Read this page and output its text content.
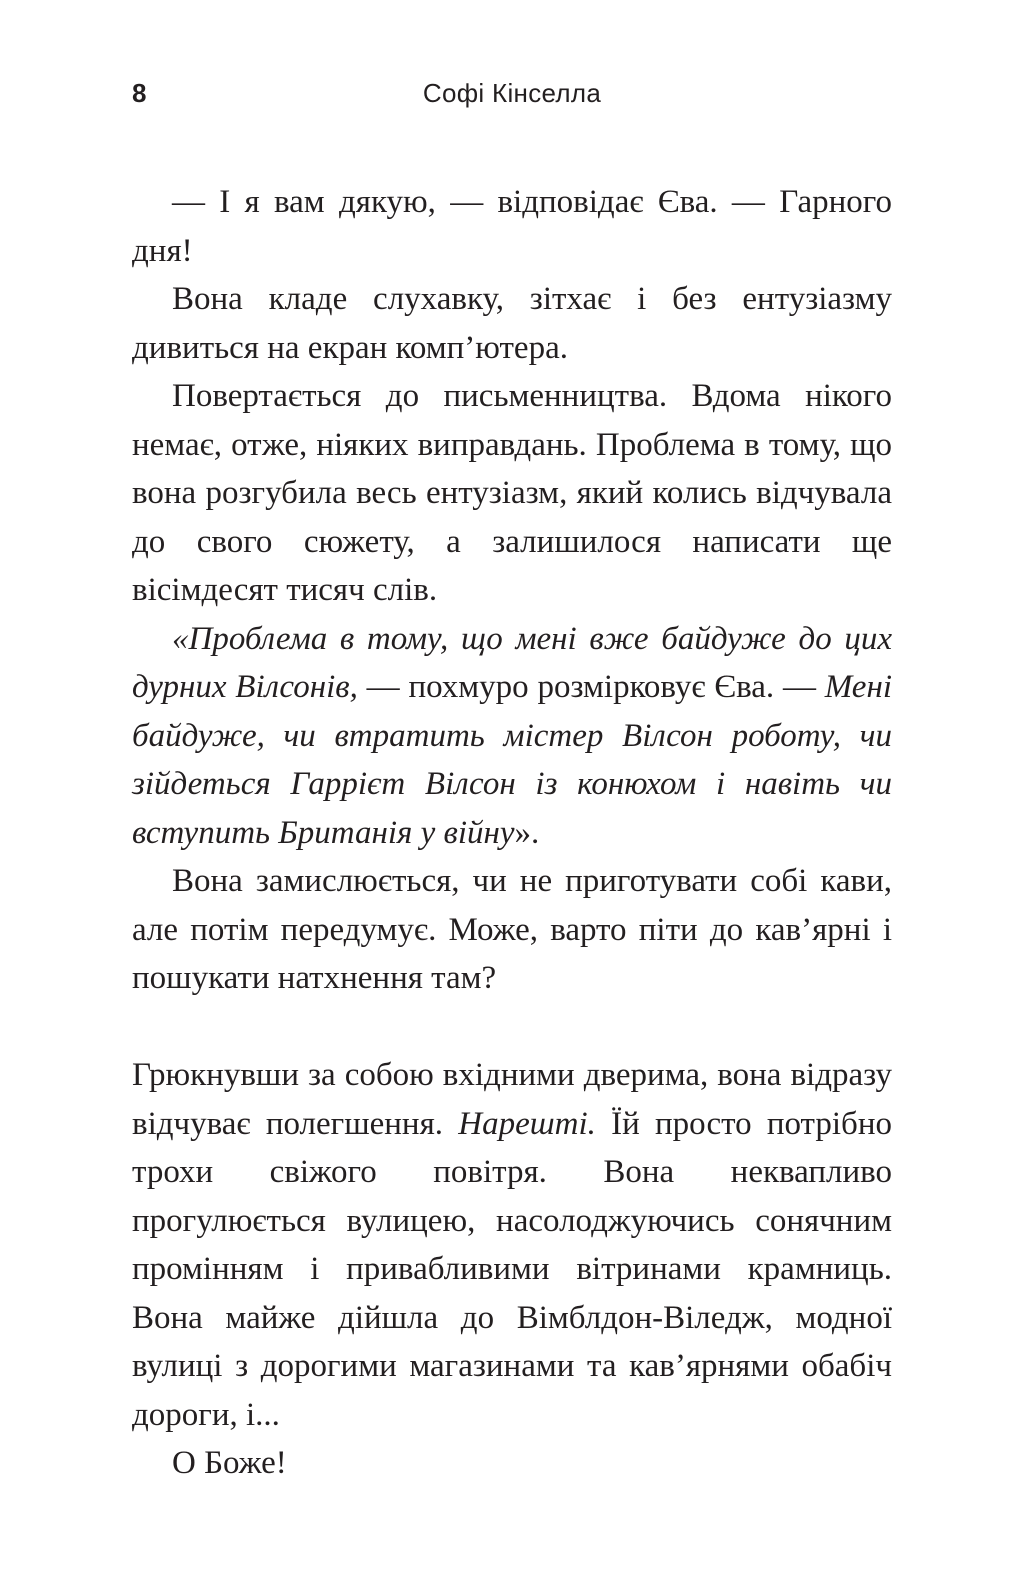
8	Софі Кінселла

— І я вам дякую, — відповідає Єва. — Гарного дня!

Вона кладе слухавку, зітхає і без ентузіазму дивиться на екран комп’ютера.

Повертається до письменництва. Вдома нікого немає, отже, ніяких виправдань. Проблема в тому, що вона розгубила весь ентузіазм, який колись відчувала до свого сюжету, а залишилося написати ще вісімдесят тисяч слів.

«Проблема в тому, що мені вже байдуже до цих дурних Вілсонів, — похмуро розмірковує Єва. — Мені байдуже, чи втратить містер Вілсон роботу, чи зійдеться Гаррієт Вілсон із конюхом і навіть чи вступить Британія у війну».

Вона замислюється, чи не приготувати собі кави, але потім передумує. Може, варто піти до кав’ярні і пошукати натхнення там?

Грюкнувши за собою вхідними дверима, вона відразу відчуває полегшення. Нарешті. Їй просто потрібно трохи свіжого повітря. Вона неквапливо прогулюється вулицею, насолоджуючись сонячним промінням і привабливими вітринами крамниць. Вона майже дійшла до Вімблдон-Віледж, модної вулиці з дорогими магазинами та кав’ярнями обабіч дороги, і...

О Боже!
